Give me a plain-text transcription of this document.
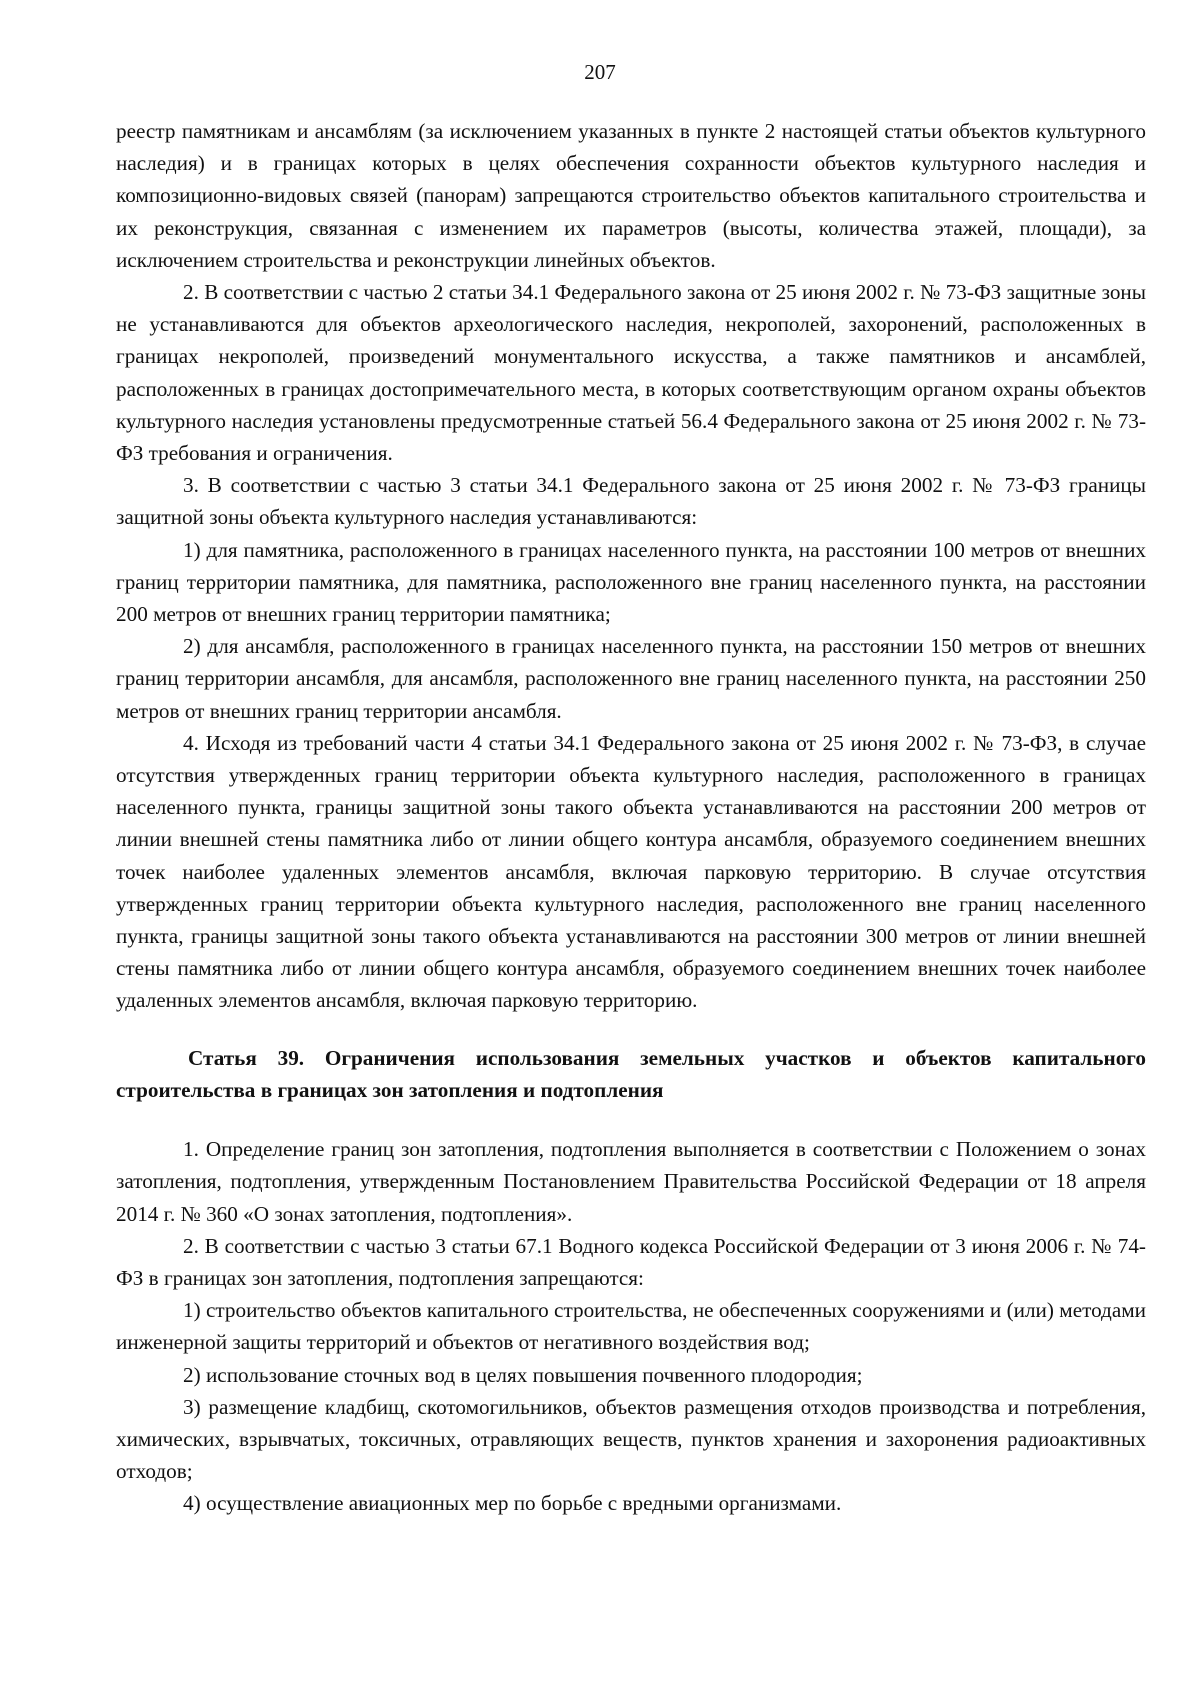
207

реестр памятникам и ансамблям (за исключением указанных в пункте 2 настоящей статьи объектов культурного наследия) и в границах которых в целях обеспечения сохранности объектов культурного наследия и композиционно-видовых связей (панорам) запрещаются строительство объектов капитального строительства и их реконструкция, связанная с изменением их параметров (высоты, количества этажей, площади), за исключением строительства и реконструкции линейных объектов.

2. В соответствии с частью 2 статьи 34.1 Федерального закона от 25 июня 2002 г. № 73-ФЗ защитные зоны не устанавливаются для объектов археологического наследия, некрополей, захоронений, расположенных в границах некрополей, произведений монументального искусства, а также памятников и ансамблей, расположенных в границах достопримечательного места, в которых соответствующим органом охраны объектов культурного наследия установлены предусмотренные статьей 56.4 Федерального закона от 25 июня 2002 г. № 73-ФЗ требования и ограничения.

3. В соответствии с частью 3 статьи 34.1 Федерального закона от 25 июня 2002 г. № 73-ФЗ границы защитной зоны объекта культурного наследия устанавливаются:

1) для памятника, расположенного в границах населенного пункта, на расстоянии 100 метров от внешних границ территории памятника, для памятника, расположенного вне границ населенного пункта, на расстоянии 200 метров от внешних границ территории памятника;

2) для ансамбля, расположенного в границах населенного пункта, на расстоянии 150 метров от внешних границ территории ансамбля, для ансамбля, расположенного вне границ населенного пункта, на расстоянии 250 метров от внешних границ территории ансамбля.

4. Исходя из требований части 4 статьи 34.1 Федерального закона от 25 июня 2002 г. № 73-ФЗ, в случае отсутствия утвержденных границ территории объекта культурного наследия, расположенного в границах населенного пункта, границы защитной зоны такого объекта устанавливаются на расстоянии 200 метров от линии внешней стены памятника либо от линии общего контура ансамбля, образуемого соединением внешних точек наиболее удаленных элементов ансамбля, включая парковую территорию. В случае отсутствия утвержденных границ территории объекта культурного наследия, расположенного вне границ населенного пункта, границы защитной зоны такого объекта устанавливаются на расстоянии 300 метров от линии внешней стены памятника либо от линии общего контура ансамбля, образуемого соединением внешних точек наиболее удаленных элементов ансамбля, включая парковую территорию.

Статья 39. Ограничения использования земельных участков и объектов капитального строительства в границах зон затопления и подтопления

1. Определение границ зон затопления, подтопления выполняется в соответствии с Положением о зонах затопления, подтопления, утвержденным Постановлением Правительства Российской Федерации от 18 апреля 2014 г. № 360 «О зонах затопления, подтопления».

2. В соответствии с частью 3 статьи 67.1 Водного кодекса Российской Федерации от 3 июня 2006 г. № 74-ФЗ в границах зон затопления, подтопления запрещаются:

1) строительство объектов капитального строительства, не обеспеченных сооружениями и (или) методами инженерной защиты территорий и объектов от негативного воздействия вод;

2) использование сточных вод в целях повышения почвенного плодородия;

3) размещение кладбищ, скотомогильников, объектов размещения отходов производства и потребления, химических, взрывчатых, токсичных, отравляющих веществ, пунктов хранения и захоронения радиоактивных отходов;

4) осуществление авиационных мер по борьбе с вредными организмами.
